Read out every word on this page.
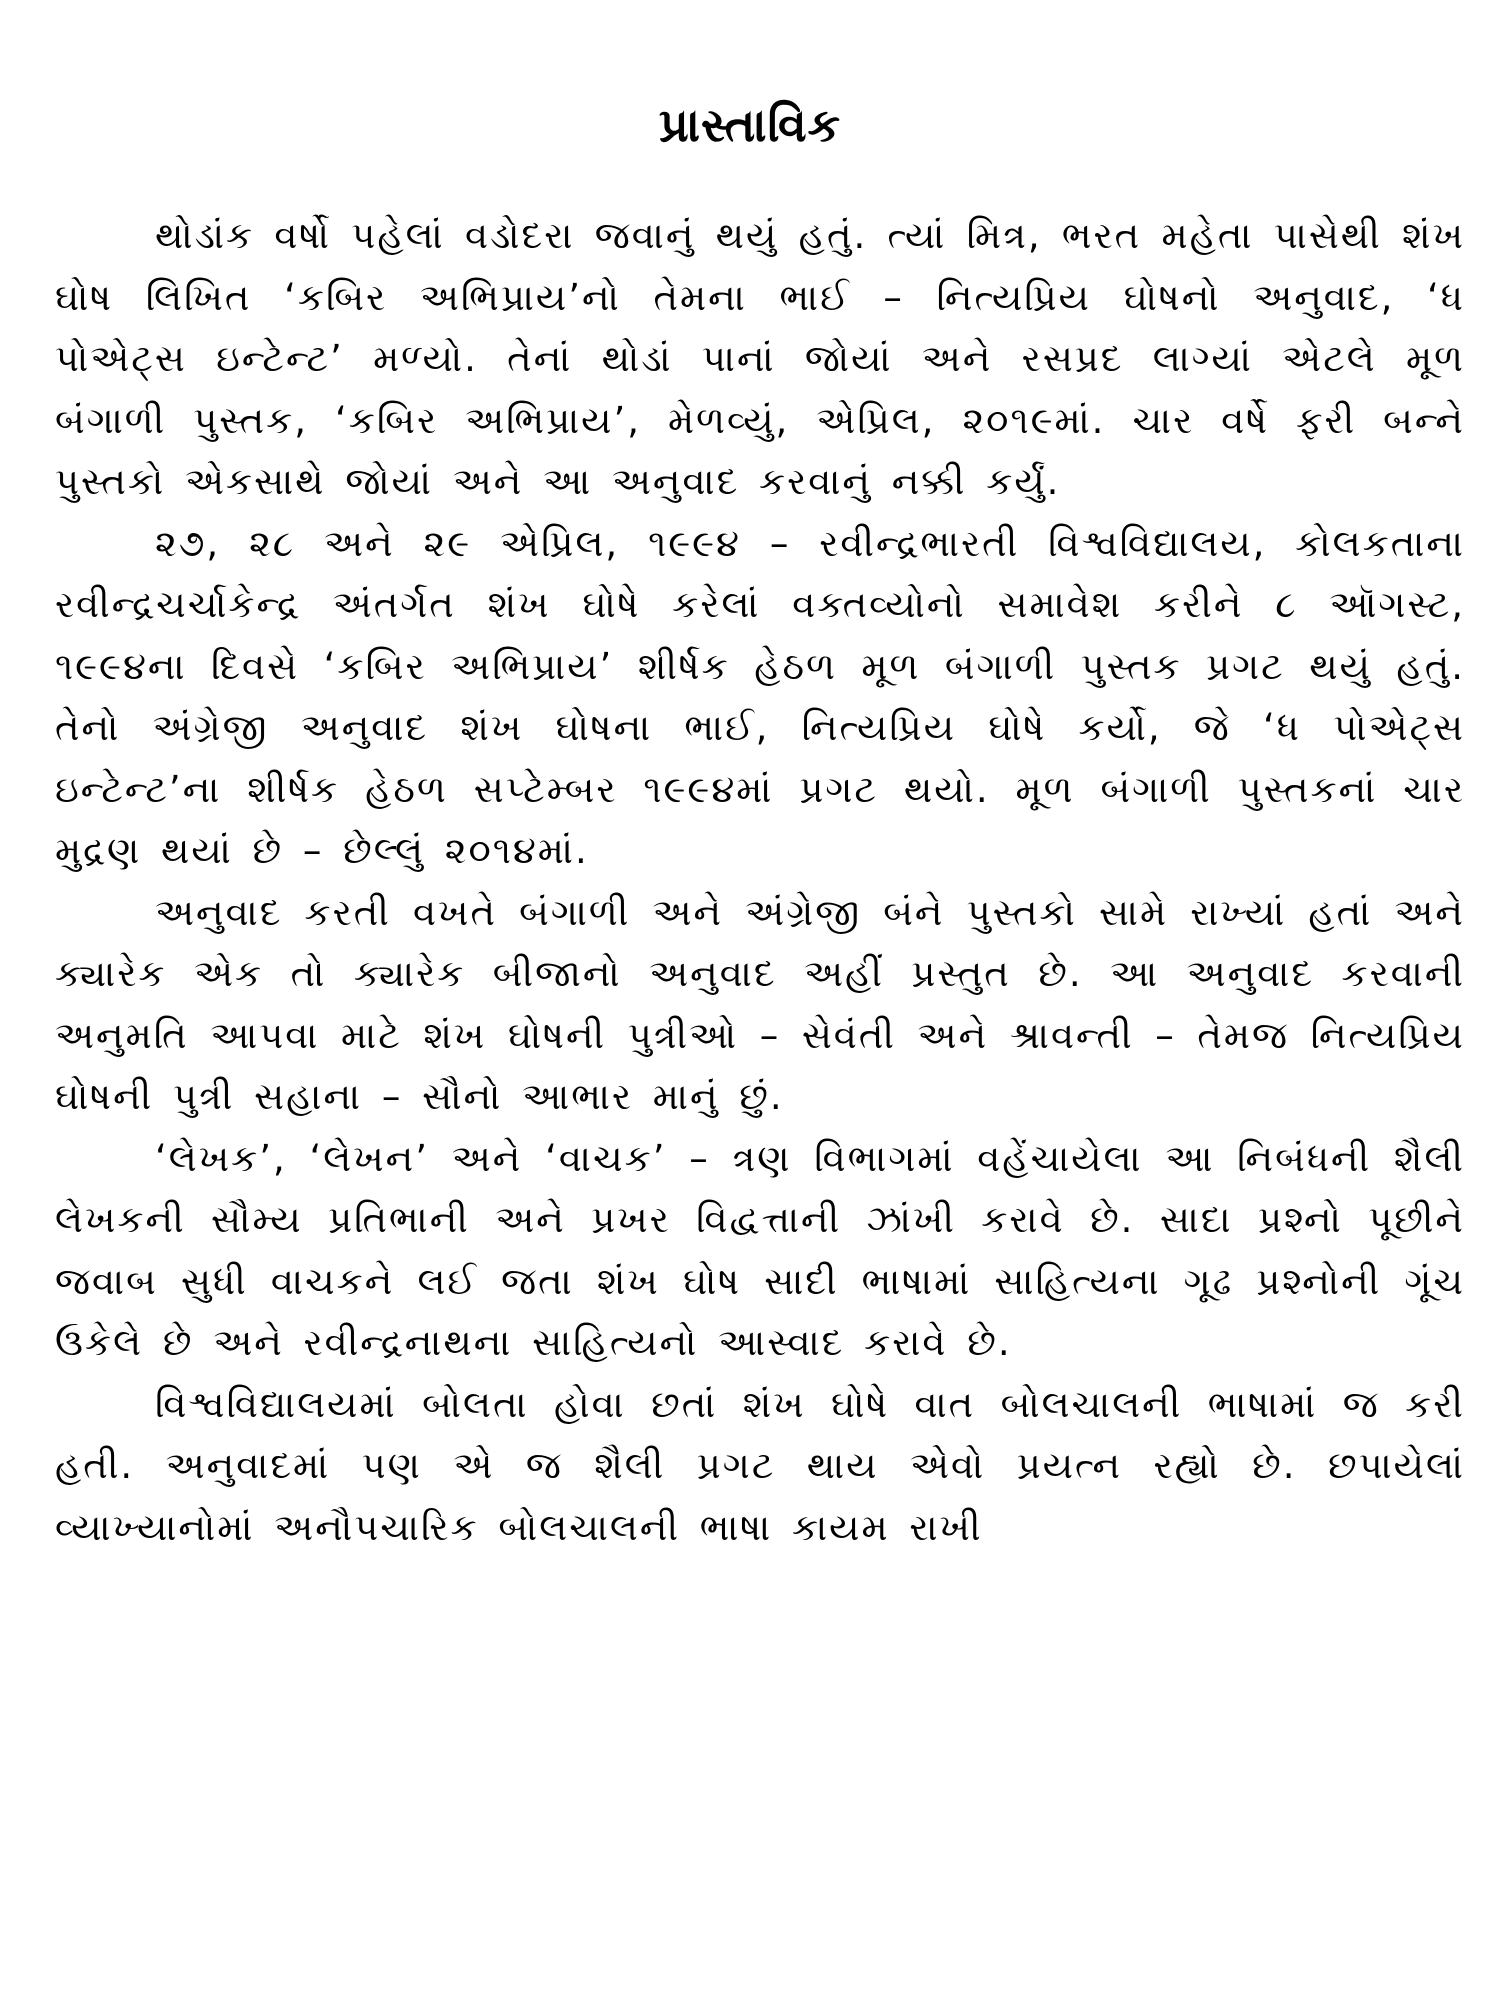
પ્રાસ્તાવિક

થોડાંક વર્ષો પહેલાં વડોદરા જવાનું થયું હતું. ત્યાં મિત્ર, ભરત મહેતા પાસેથી શંખ ઘોષ લિખિત ‘કબિર અભિપ્રાય’નો તેમના ભાઈ – નિત્યપ્રિય ઘોષનો અનુવાદ, ‘ધ પોએટ્સ ઇન્ટેન્ટ’ મળ્યો. તેનાં થોડાં પાનાં જોયાં અને રસપ્રદ લાગ્યાં એટલે મૂળ બંગાળી પુસ્તક, ‘કબિર અભિપ્રાય’, મેળવ્યું, એપ્રિલ, ૨૦૧૯માં. ચાર વર્ષે ફરી બન્ને પુસ્તકો એકસાથે જોયાં અને આ અનુવાદ કરવાનું નક્કી કર્યું.

૨૭, ૨૮ અને ૨૯ એપ્રિલ, ૧૯૯૪ – રવીન્દ્રભારતી વિશ્વવિદ્યાલય, કોલકતાના રવીન્દ્રચર્ચાકેન્દ્ર અંતર્ગત શંખ ઘોષે કરેલાં વક્તવ્યોનો સમાવેશ કરીને ૮ ઑગસ્ટ, ૧૯૯૪ના દિવસે ‘કબિર અભિપ્રાય’ શીર્ષક હેઠળ મૂળ બંગાળી પુસ્તક પ્રગટ થયું હતું. તેનો અંગ્રેજી અનુવાદ શંખ ઘોષના ભાઈ, નિત્યપ્રિય ઘોષે કર્યો, જે ‘ધ પોએટ્સ ઇન્ટેન્ટ’ના શીર્ષક હેઠળ સપ્ટેમ્બર ૧૯૯૪માં પ્રગટ થયો. મૂળ બંગાળી પુસ્તકનાં ચાર મુદ્રણ થયાં છે – છેલ્લું ૨૦૧૪માં.

અનુવાદ કરતી વખતે બંગાળી અને અંગ્રેજી બંને પુસ્તકો સામે રાખ્યાં હતાં અને ક્યારેક એક તો ક્યારેક બીજાનો અનુવાદ અહીં પ્રસ્તુત છે. આ અનુવાદ કરવાની અનુમતિ આપવા માટે શંખ ઘોષની પુત્રીઓ – સેવંતી અને શ્રાવન્તી – તેમજ નિત્યપ્રિય ઘોષની પુત્રી સહાના – સૌનો આભાર માનું છું.

‘લેખક’, ‘લેખન’ અને ‘વાચક’ – ત્રણ વિભાગમાં વહેંચાયેલા આ નિબંધની શૈલી લેખકની સૌમ્ય પ્રતિભાની અને પ્રખર વિદ્વત્તાની ઝાંખી કરાવે છે. સાદા પ્રશ્નો પૂછીને જવાબ સુધી વાચકને લઈ જતા શંખ ઘોષ સાદી ભાષામાં સાહિત્યના ગૂઢ પ્રશ્નોની ગૂંચ ઉકેલે છે અને રવીન્દ્રનાથના સાહિત્યનો આસ્વાદ કરાવે છે.

વિશ્વવિદ્યાલયમાં બોલતા હોવા છતાં શંખ ઘોષે વાત બોલચાલની ભાષામાં જ કરી હતી. અનુવાદમાં પણ એ જ શૈલી પ્રગટ થાય એવો પ્રયત્ન રહ્યો છે. છપાયેલાં વ્યાખ્યાનોમાં અનૌપચારિક બોલચાલની ભાષા કાયમ રાખી
